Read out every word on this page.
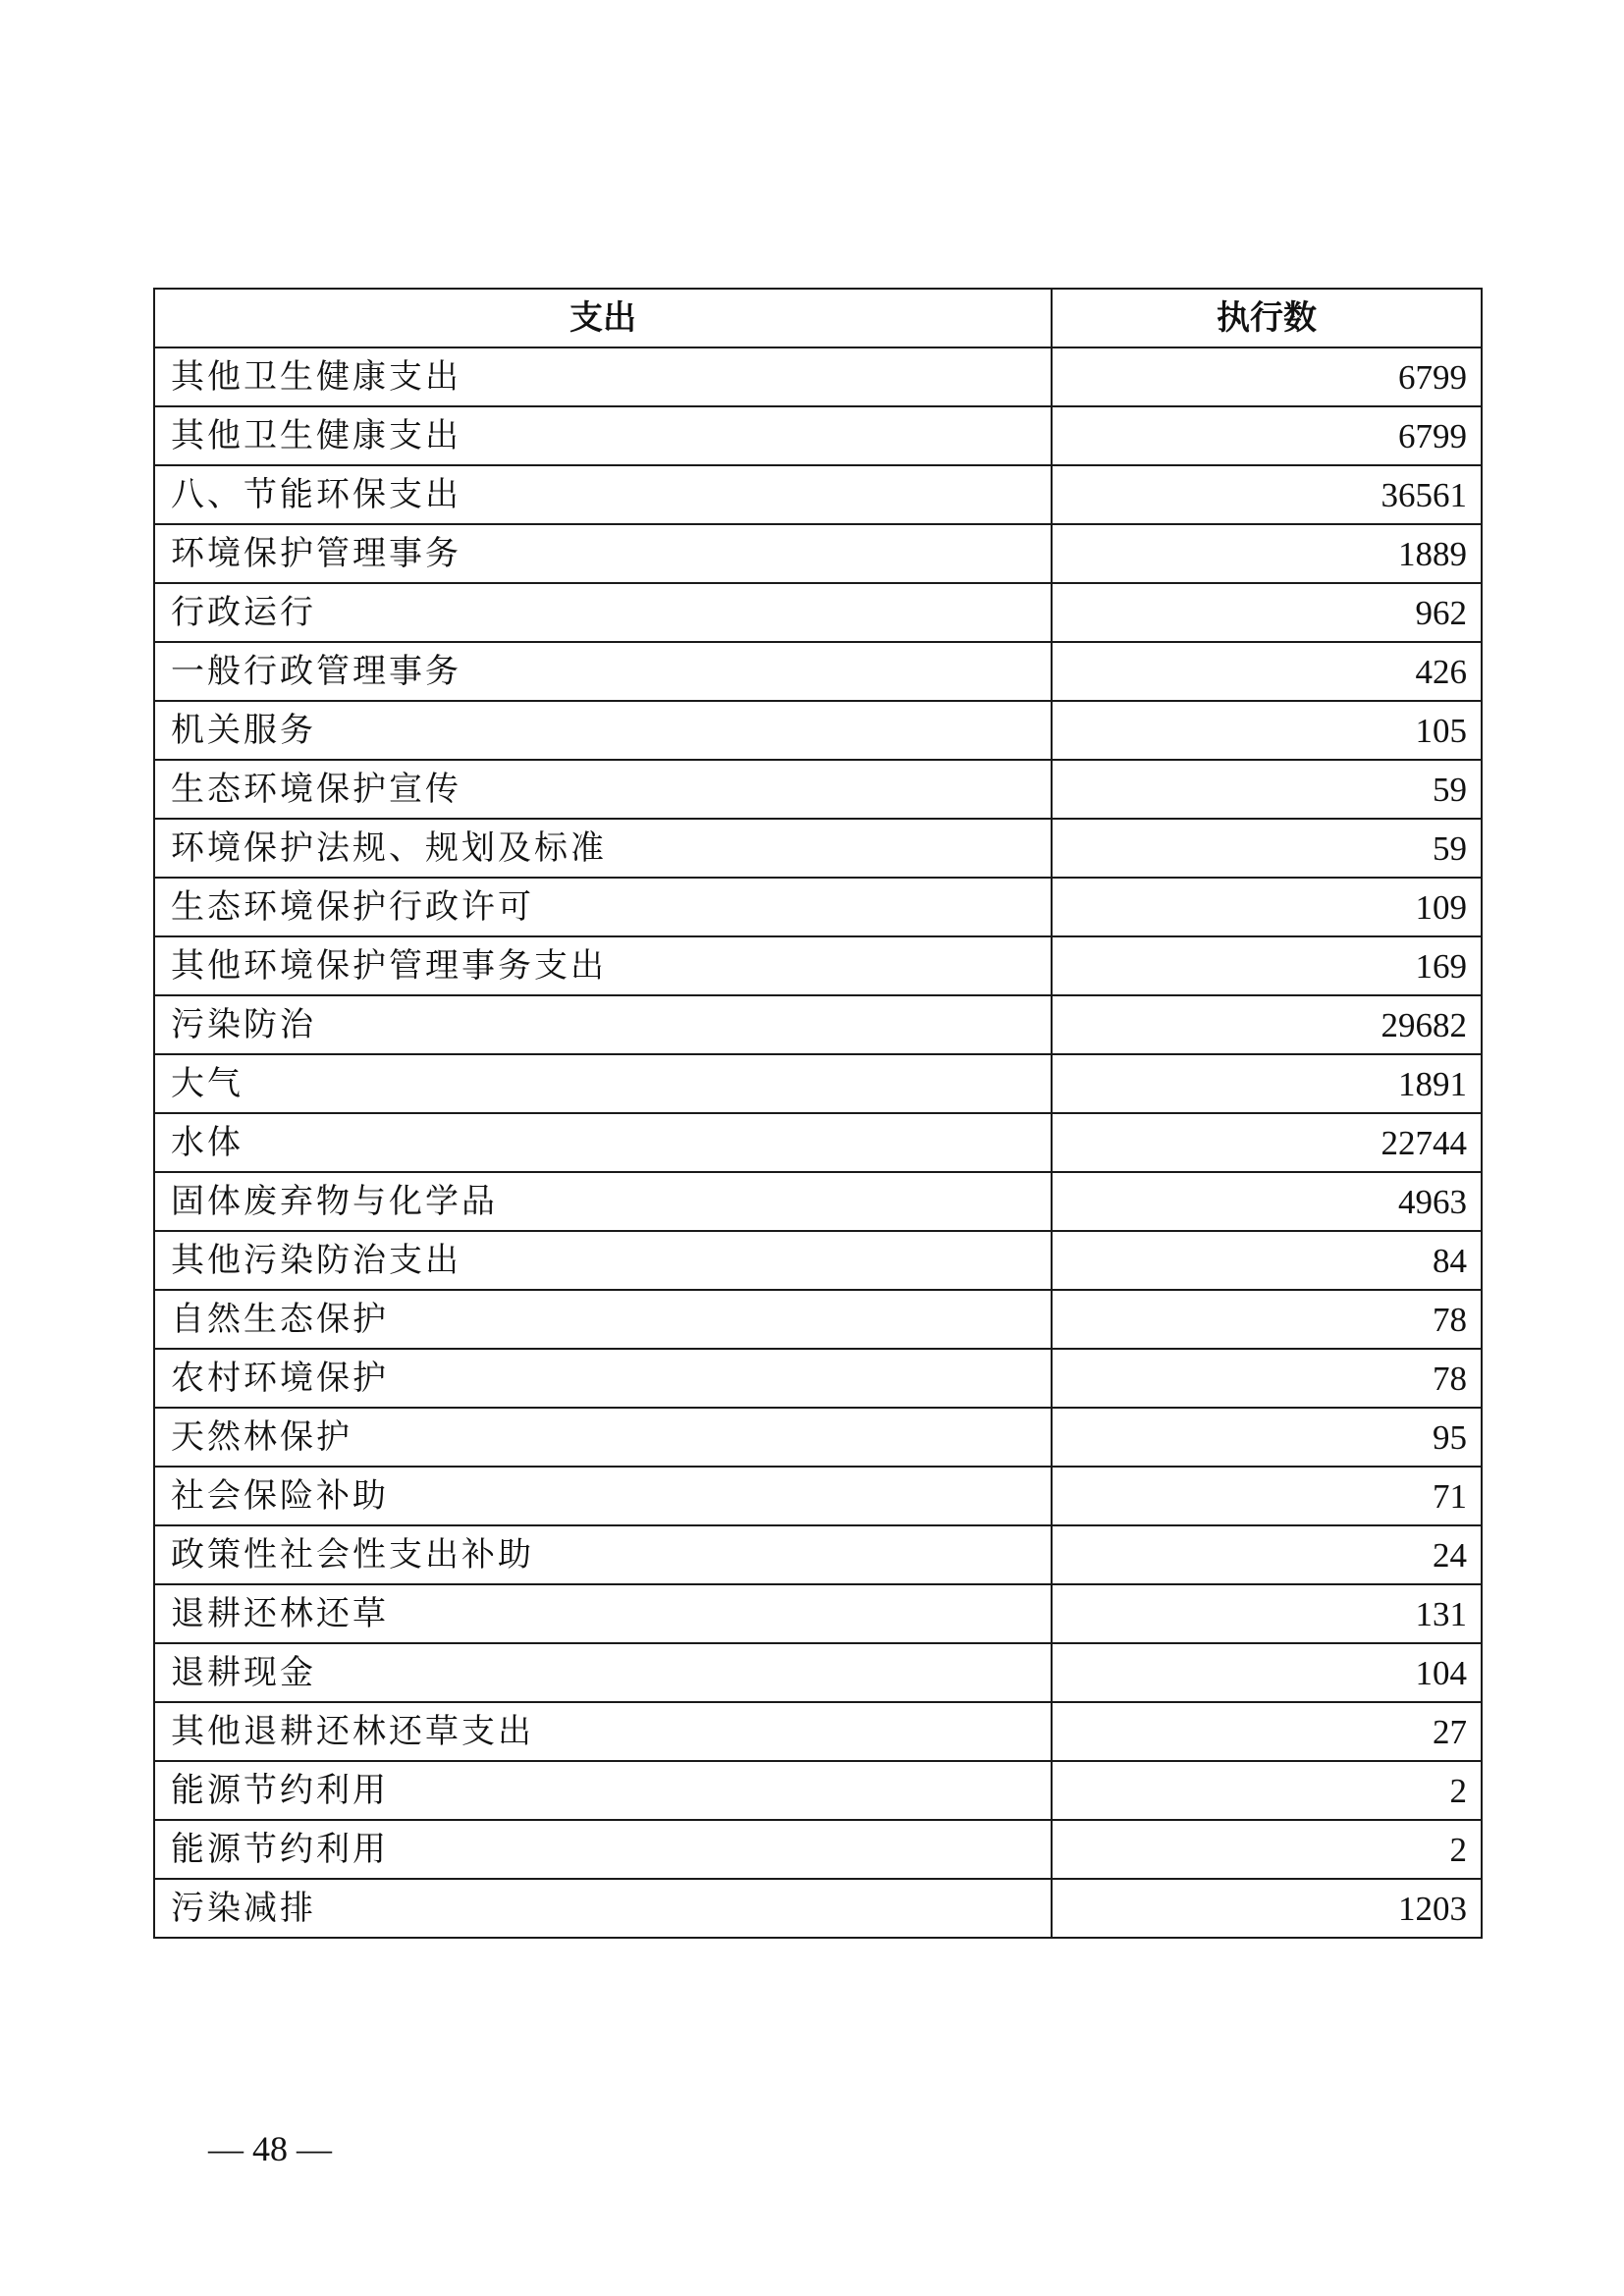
支出	执行数
其他卫生健康支出	6799
其他卫生健康支出	6799
八、节能环保支出	36561
环境保护管理事务	1889
行政运行	962
一般行政管理事务	426
机关服务	105
生态环境保护宣传	59
环境保护法规、规划及标准	59
生态环境保护行政许可	109
其他环境保护管理事务支出	169
污染防治	29682
大气	1891
水体	22744
固体废弃物与化学品	4963
其他污染防治支出	84
自然生态保护	78
农村环境保护	78
天然林保护	95
社会保险补助	71
政策性社会性支出补助	24
退耕还林还草	131
退耕现金	104
其他退耕还林还草支出	27
能源节约利用	2
能源节约利用	2
污染减排	1203
— 48 —
